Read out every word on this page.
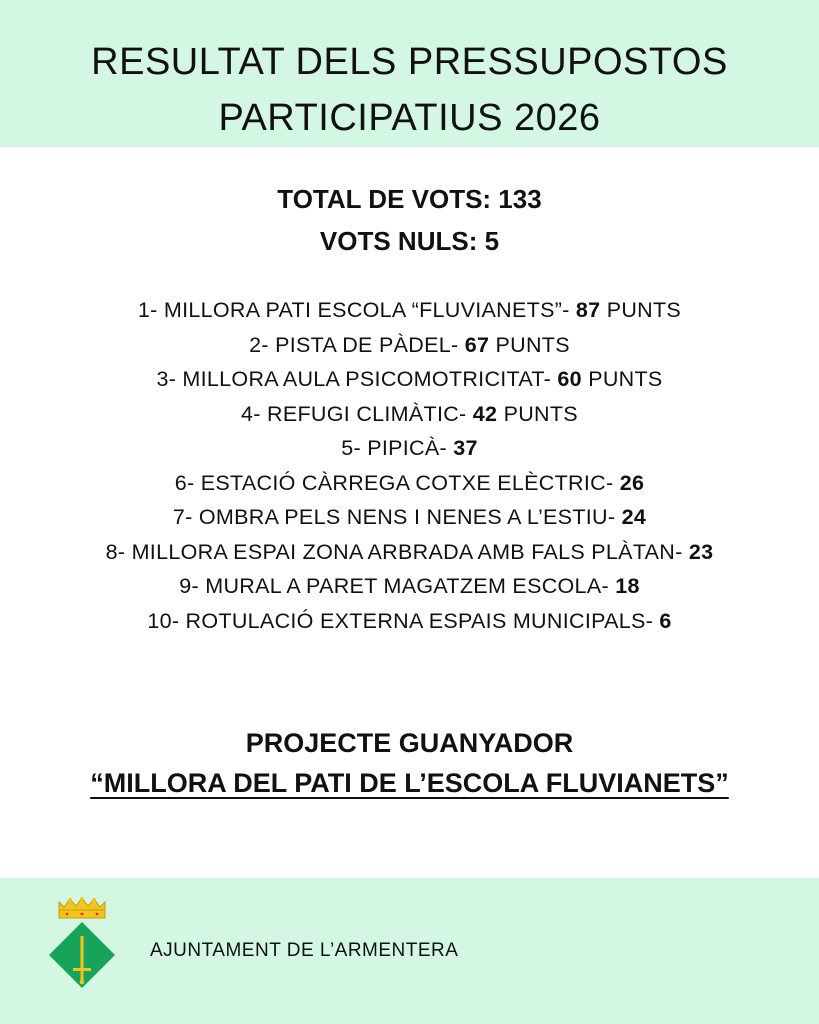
RESULTAT DELS PRESSUPOSTOS
PARTICIPATIUS 2026
TOTAL DE VOTS: 133
VOTS NULS: 5
1- MILLORA PATI ESCOLA “FLUVIANETS”- 87 PUNTS
2- PISTA DE PÀDEL- 67 PUNTS
3- MILLORA AULA PSICOMOTRICITAT- 60 PUNTS
4- REFUGI CLIMÀTIC- 42 PUNTS
5- PIPICÀ- 37
6- ESTACIÓ CÀRREGA COTXE ELÈCTRIC- 26
7- OMBRA PELS NENS I NENES A L’ESTIU- 24
8- MILLORA ESPAI ZONA ARBRADA AMB FALS PLÀTAN- 23
9- MURAL A PARET MAGATZEM ESCOLA- 18
10- ROTULACIÓ EXTERNA ESPAIS MUNICIPALS- 6
PROJECTE GUANYADOR
“MILLORA DEL PATI DE L’ESCOLA FLUVIANETS”
AJUNTAMENT DE L’ARMENTERA
